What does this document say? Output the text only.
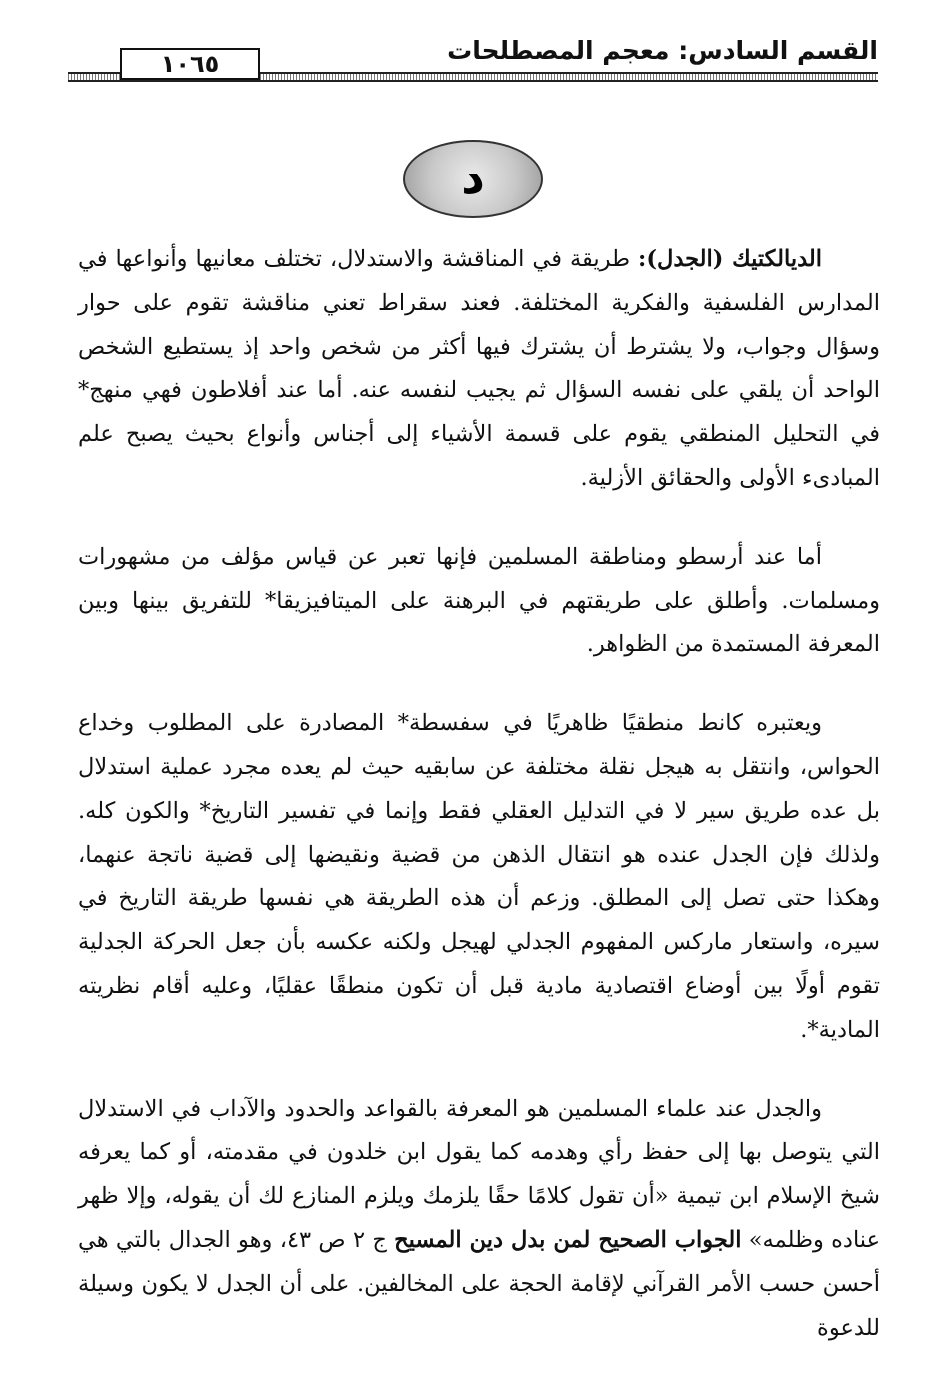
القسم السادس: معجم المصطلحات
١٠٦٥
د

الديالكتيك (الجدل): طريقة في المناقشة والاستدلال، تختلف معانيها وأنواعها في المدارس الفلسفية والفكرية المختلفة. فعند سقراط تعني مناقشة تقوم على حوار وسؤال وجواب، ولا يشترط أن يشترك فيها أكثر من شخص واحد إذ يستطيع الشخص الواحد أن يلقي على نفسه السؤال ثم يجيب لنفسه عنه. أما عند أفلاطون فهي منهج* في التحليل المنطقي يقوم على قسمة الأشياء إلى أجناس وأنواع بحيث يصبح علم المبادىء الأولى والحقائق الأزلية.

أما عند أرسطو ومناطقة المسلمين فإنها تعبر عن قياس مؤلف من مشهورات ومسلمات. وأطلق على طريقتهم في البرهنة على الميتافيزيقا* للتفريق بينها وبين المعرفة المستمدة من الظواهر.

ويعتبره كانط منطقيًا ظاهريًا في سفسطة* المصادرة على المطلوب وخداع الحواس، وانتقل به هيجل نقلة مختلفة عن سابقيه حيث لم يعده مجرد عملية استدلال بل عده طريق سير لا في التدليل العقلي فقط وإنما في تفسير التاريخ* والكون كله. ولذلك فإن الجدل عنده هو انتقال الذهن من قضية ونقيضها إلى قضية ناتجة عنهما، وهكذا حتى تصل إلى المطلق. وزعم أن هذه الطريقة هي نفسها طريقة التاريخ في سيره، واستعار ماركس المفهوم الجدلي لهيجل ولكنه عكسه بأن جعل الحركة الجدلية تقوم أولًا بين أوضاع اقتصادية مادية قبل أن تكون منطقًا عقليًا، وعليه أقام نظريته المادية*.

والجدل عند علماء المسلمين هو المعرفة بالقواعد والحدود والآداب في الاستدلال التي يتوصل بها إلى حفظ رأي وهدمه كما يقول ابن خلدون في مقدمته، أو كما يعرفه شيخ الإسلام ابن تيمية «أن تقول كلامًا حقًا يلزمك ويلزم المنازع لك أن يقوله، وإلا ظهر عناده وظلمه» الجواب الصحيح لمن بدل دين المسيح ج ٢ ص ٤٣، وهو الجدال بالتي هي أحسن حسب الأمر القرآني لإقامة الحجة على المخالفين. على أن الجدل لا يكون وسيلة للدعوة
